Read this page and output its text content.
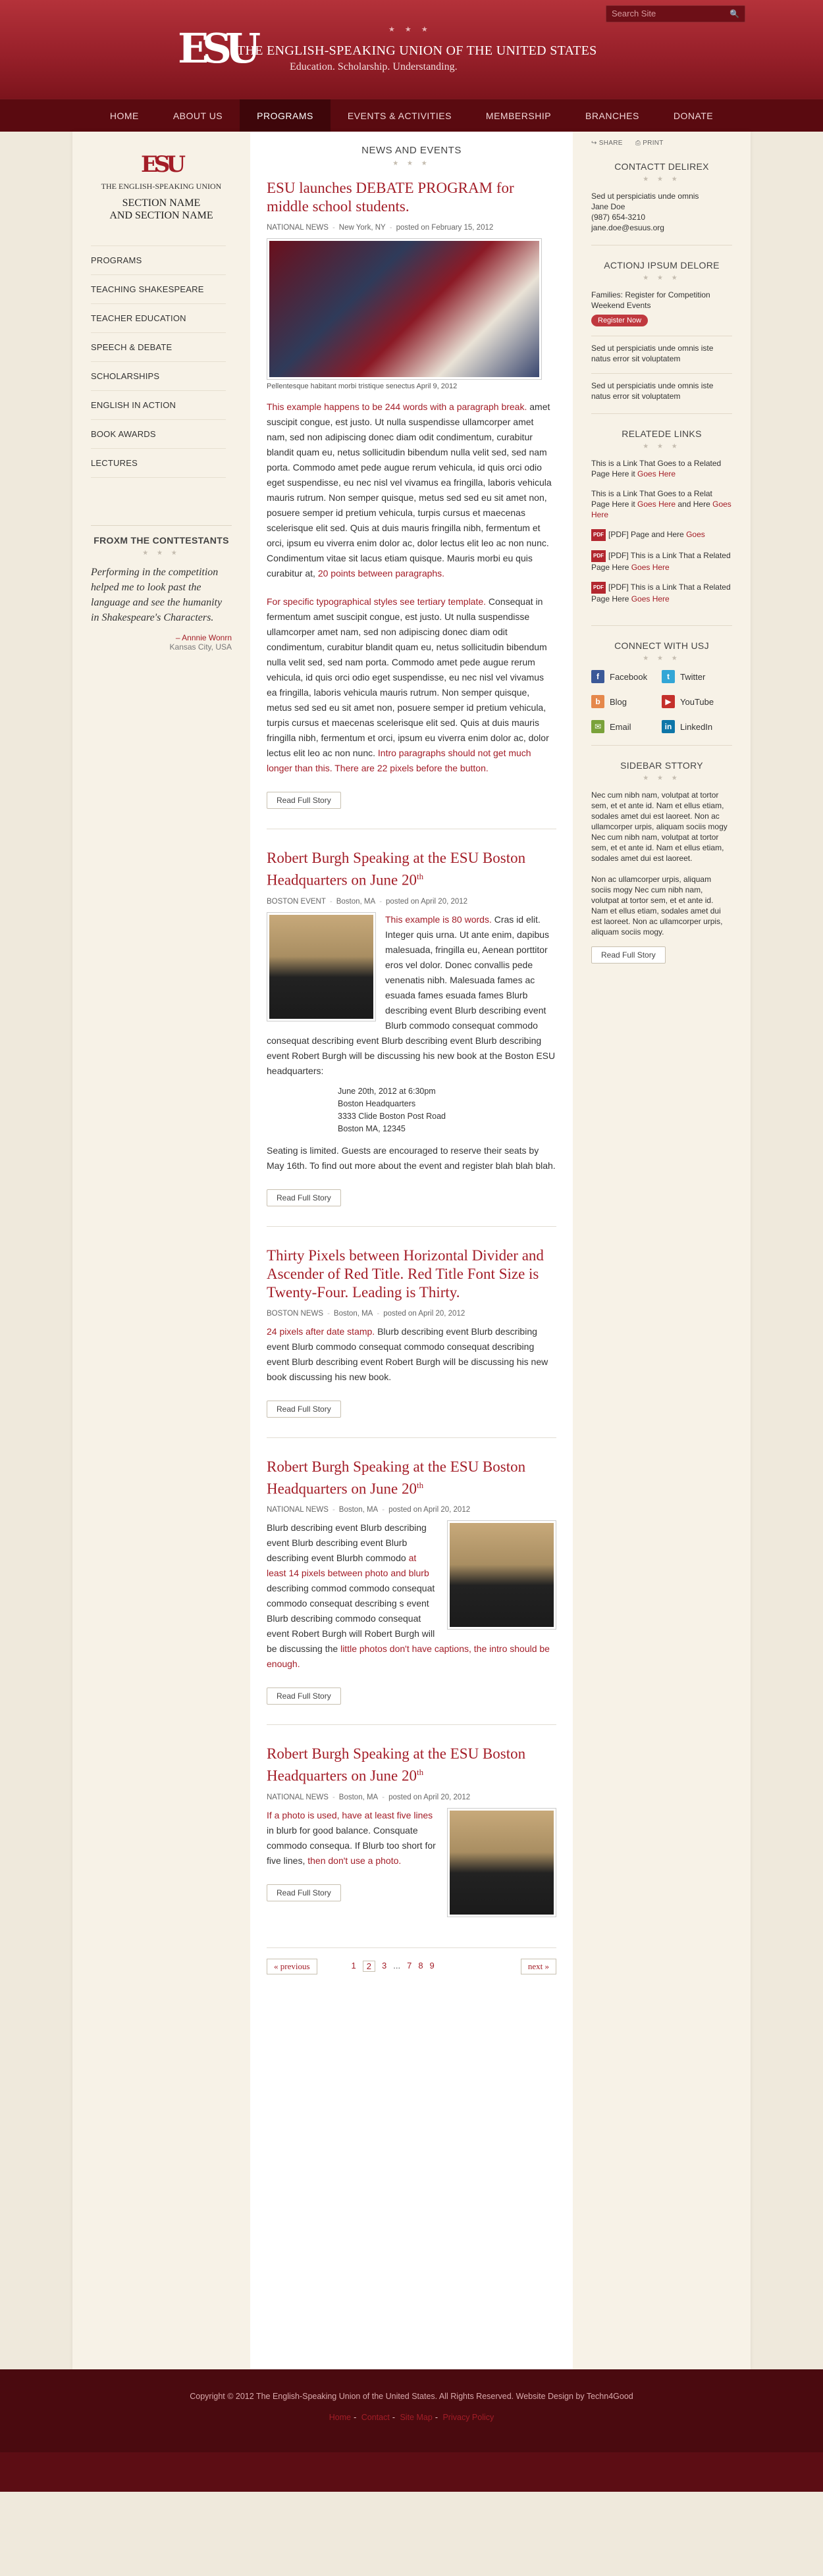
Search Site	🔍
ESU	★ ★ ★
THE ENGLISH-SPEAKING UNION OF THE UNITED STATES
Education. Scholarship. Understanding.
HOME	ABOUT US	PROGRAMS	EVENTS & ACTIVITIES	MEMBERSHIP	BRANCHES	DONATE
ESU
THE ENGLISH-SPEAKING UNION
SECTION NAME
AND SECTION NAME
PROGRAMS
TEACHING SHAKESPEARE
TEACHER EDUCATION
SPEECH & DEBATE
SCHOLARSHIPS
ENGLISH IN ACTION
BOOK AWARDS
LECTURES
FROXM THE CONTTESTANTS
★ ★ ★
Performing in the competition helped me to look past the language and see the humanity in Shakespeare's Characters.
– Annnie Wonrn
Kansas City, USA
NEWS AND EVENTS
★ ★ ★
ESU launches DEBATE PROGRAM for middle school students.
NATIONAL NEWS - New York, NY - posted on February 15, 2012
Pellentesque habitant morbi tristique senectus April 9, 2012

This example happens to be 244 words with a paragraph break. amet suscipit congue, est justo. Ut nulla suspendisse ullamcorper amet nam, sed non adipiscing donec diam odit condimentum, curabitur blandit quam eu, netus sollicitudin bibendum nulla velit sed, sed nam porta. Commodo amet pede augue rerum vehicula, id quis orci odio eget suspendisse, eu nec nisl vel vivamus ea fringilla, laboris vehicula mauris rutrum. Non semper quisque, metus sed sed eu sit amet non, posuere semper id pretium vehicula, turpis cursus et maecenas scelerisque elit sed. Quis at duis mauris fringilla nibh, fermentum et orci, ipsum eu viverra enim dolor ac, dolor lectus elit leo ac non nunc. Condimentum vitae sit lacus etiam quisque. Mauris morbi eu quis curabitur at, 20 points between paragraphs.

For specific typographical styles see tertiary template. Consequat in fermentum amet suscipit congue, est justo. Ut nulla suspendisse ullamcorper amet nam, sed non adipiscing donec diam odit condimentum, curabitur blandit quam eu, netus sollicitudin bibendum nulla velit sed, sed nam porta. Commodo amet pede augue rerum vehicula, id quis orci odio eget suspendisse, eu nec nisl vel vivamus ea fringilla, laboris vehicula mauris rutrum. Non semper quisque, metus sed sed eu sit amet non, posuere semper id pretium vehicula, turpis cursus et maecenas scelerisque elit sed. Quis at duis mauris fringilla nibh, fermentum et orci, ipsum eu viverra enim dolor ac, dolor lectus elit leo ac non nunc. Intro paragraphs should not get much longer than this. There are 22 pixels before the button.

Read Full Story
Robert Burgh Speaking at the ESU Boston Headquarters on June 20th
BOSTON EVENT - Boston, MA - posted on April 20, 2012
This example is 80 words. Cras id elit. Integer quis urna. Ut ante enim, dapibus malesuada, fringilla eu, Aenean porttitor eros vel dolor. Donec convallis pede venenatis nibh. Malesuada fames ac esuada fames esuada fames Blurb describing event Blurb describing event Blurb commodo consequat commodo consequat describing event Blurb describing event Blurb describing event Robert Burgh will be discussing his new book at the Boston ESU headquarters:
June 20th, 2012 at 6:30pm
Boston Headquarters
3333 Clide Boston Post Road
Boston MA, 12345

Seating is limited. Guests are encouraged to reserve their seats by May 16th. To find out more about the event and register blah blah blah.

Read Full Story
Thirty Pixels between Horizontal Divider and Ascender of Red Title. Red Title Font Size is Twenty-Four. Leading is Thirty.
BOSTON NEWS - Boston, MA - posted on April 20, 2012

24 pixels after date stamp. Blurb describing event Blurb describing event Blurb commodo consequat commodo consequat describing event Blurb describing event Robert Burgh will be discussing his new book discussing his new book.

Read Full Story
Robert Burgh Speaking at the ESU Boston Headquarters on June 20th
NATIONAL NEWS - Boston, MA - posted on April 20, 2012

Blurb describing event Blurb describing event Blurb describing event Blurb describing event Blurbh commodo at least 14 pixels between photo and blurb describing commod commodo consequat commodo consequat describing s event Blurb describing commodo consequat event Robert Burgh will Robert Burgh will be discussing the little photos don't have captions, the intro should be enough.

Read Full Story
Robert Burgh Speaking at the ESU Boston Headquarters on June 20th
NATIONAL NEWS - Boston, MA - posted on April 20, 2012

If a photo is used, have at least five lines in blurb for good balance. Consquate commodo consequa. If Blurb too short for five lines, then don't use a photo.

Read Full Story
« previous	1	2	3 ... 7 8 9	next »
↪ SHARE ⎙ PRINT
CONTACTT DELIREX
★ ★ ★
Sed ut perspiciatis unde omnis
Jane Doe
(987) 654-3210
jane.doe@esuus.org
ACTIONJ IPSUM DELORE
★ ★ ★
Families: Register for Competition Weekend Events
Register Now
Sed ut perspiciatis unde omnis iste natus error sit voluptatem
Sed ut perspiciatis unde omnis iste natus error sit voluptatem
RELATEDE LINKS
★ ★ ★
This is a Link That Goes to a Related Page Here it Goes Here
This is a Link That Goes to a Relat Page Here it Goes Here and Here Goes Here
PDF [PDF] Page and Here Goes
PDF [PDF] This is a Link That a Related Page Here Goes Here
PDF [PDF] This is a Link That a Related Page Here Goes Here
CONNECT WITH USJ
★ ★ ★
f	Facebook	t	Twitter
b	Blog	▶	YouTube
✉ Email	in LinkedIn
SIDEBAR STTORY
★ ★ ★
Nec cum nibh nam, volutpat at tortor sem, et et ante id. Nam et ellus etiam, sodales amet dui est laoreet. Non ac ullamcorper urpis, aliquam sociis mogy Nec cum nibh nam, volutpat at tortor sem, et et ante id. Nam et ellus etiam, sodales amet dui est laoreet.
Non ac ullamcorper urpis, aliquam sociis mogy Nec cum nibh nam, volutpat at tortor sem, et et ante id. Nam et ellus etiam, sodales amet dui est laoreet. Non ac ullamcorper urpis, aliquam sociis mogy.
Read Full Story
Copyright © 2012 The English-Speaking Union of the United States. All Rights Reserved. Website Design by Techn4Good
Home - Contact - Site Map - Privacy Policy
